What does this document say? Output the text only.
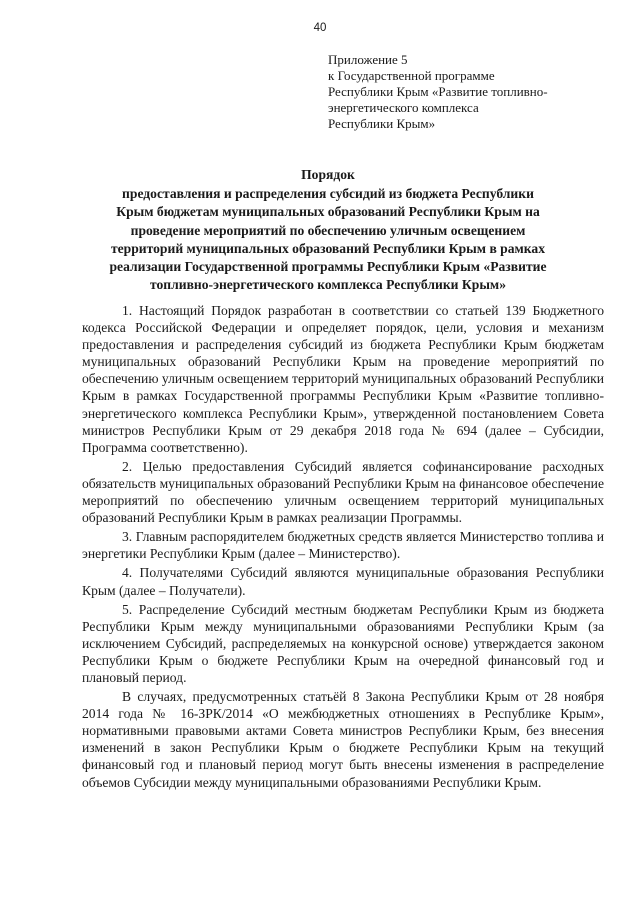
40
Приложение 5
к Государственной программе
Республики Крым «Развитие топливно-
энергетического комплекса
Республики Крым»
Порядок
предоставления и распределения субсидий из бюджета Республики
Крым бюджетам муниципальных образований Республики Крым на
проведение мероприятий по обеспечению уличным освещением
территорий муниципальных образований Республики Крым в рамках
реализации Государственной программы Республики Крым «Развитие
топливно-энергетического комплекса Республики Крым»

1. Настоящий Порядок разработан в соответствии со статьей 139 Бюджетного кодекса Российской Федерации и определяет порядок, цели, условия и механизм предоставления и распределения субсидий из бюджета Республики Крым бюджетам муниципальных образований Республики Крым на проведение мероприятий по обеспечению уличным освещением территорий муниципальных образований Республики Крым в рамках Государственной программы Республики Крым «Развитие топливно-энергетического комплекса Республики Крым», утвержденной постановлением Совета министров Республики Крым от 29 декабря 2018 года № 694 (далее – Субсидии, Программа соответственно).

2. Целью предоставления Субсидий является софинансирование расходных обязательств муниципальных образований Республики Крым на финансовое обеспечение мероприятий по обеспечению уличным освещением территорий муниципальных образований Республики Крым в рамках реализации Программы.

3. Главным распорядителем бюджетных средств является Министерство топлива и энергетики Республики Крым (далее – Министерство).

4. Получателями Субсидий являются муниципальные образования Республики Крым (далее – Получатели).

5. Распределение Субсидий местным бюджетам Республики Крым из бюджета Республики Крым между муниципальными образованиями Республики Крым (за исключением Субсидий, распределяемых на конкурсной основе) утверждается законом Республики Крым о бюджете Республики Крым на очередной финансовый год и плановый период.

В случаях, предусмотренных статьёй 8 Закона Республики Крым от 28 ноября 2014 года № 16-ЗРК/2014 «О межбюджетных отношениях в Республике Крым», нормативными правовыми актами Совета министров Республики Крым, без внесения изменений в закон Республики Крым о бюджете Республики Крым на текущий финансовый год и плановый период могут быть внесены изменения в распределение объемов Субсидии между муниципальными образованиями Республики Крым.
